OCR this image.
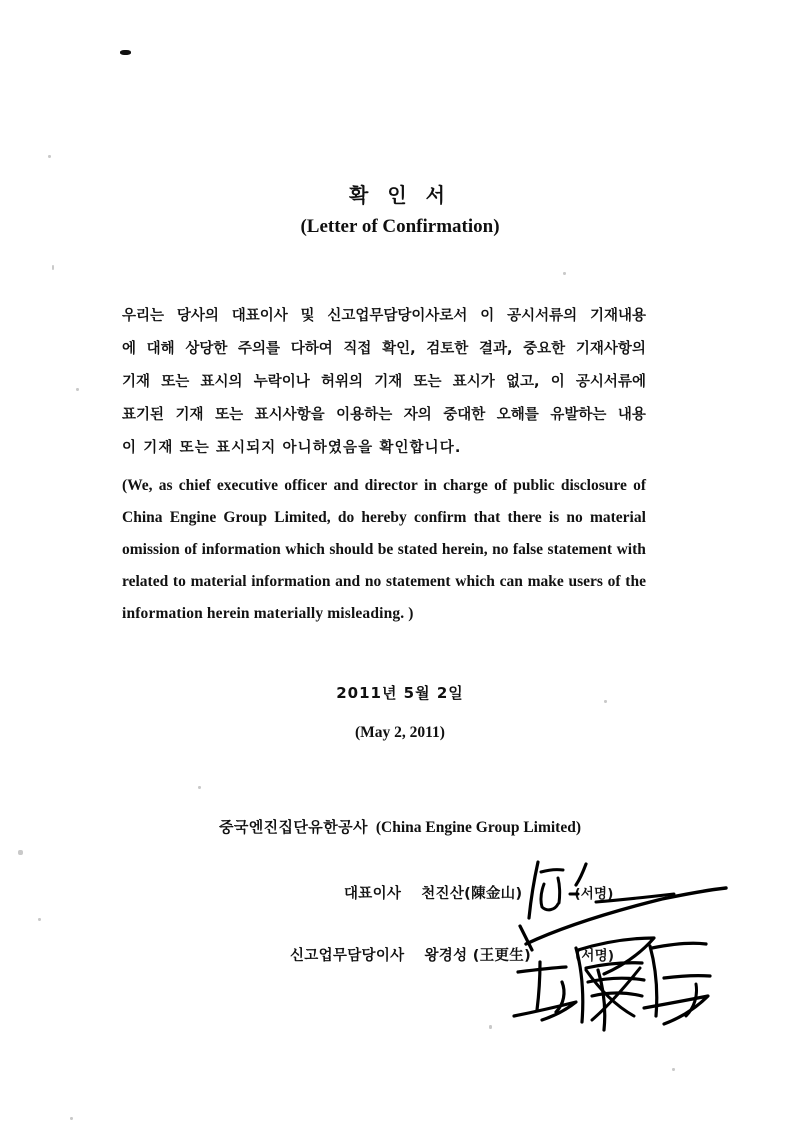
확 인 서
(Letter of Confirmation)
우리는 당사의 대표이사 및 신고업무담당이사로서 이 공시서류의 기재내용
에 대해 상당한 주의를 다하여 직접 확인, 검토한 결과, 중요한 기재사항의
기재 또는 표시의 누락이나 허위의 기재 또는 표시가 없고, 이 공시서류에
표기된 기재 또는 표시사항을 이용하는 자의 중대한 오해를 유발하는 내용
이 기재 또는 표시되지 아니하였음을 확인합니다.
(We, as chief executive officer and director in charge of public disclosure of
China Engine Group Limited, do hereby confirm that there is no material
omission of information which should be stated herein, no false statement with
related to material information and no statement which can make users of the
information herein materially misleading. )
2011년 5월 2일
(May 2, 2011)
중국엔진집단유한공사 (China Engine Group Limited)
대표이사 천진산(陳金山)	(서명)
신고업무담당이사 왕경성 (王更生)	(서명)
